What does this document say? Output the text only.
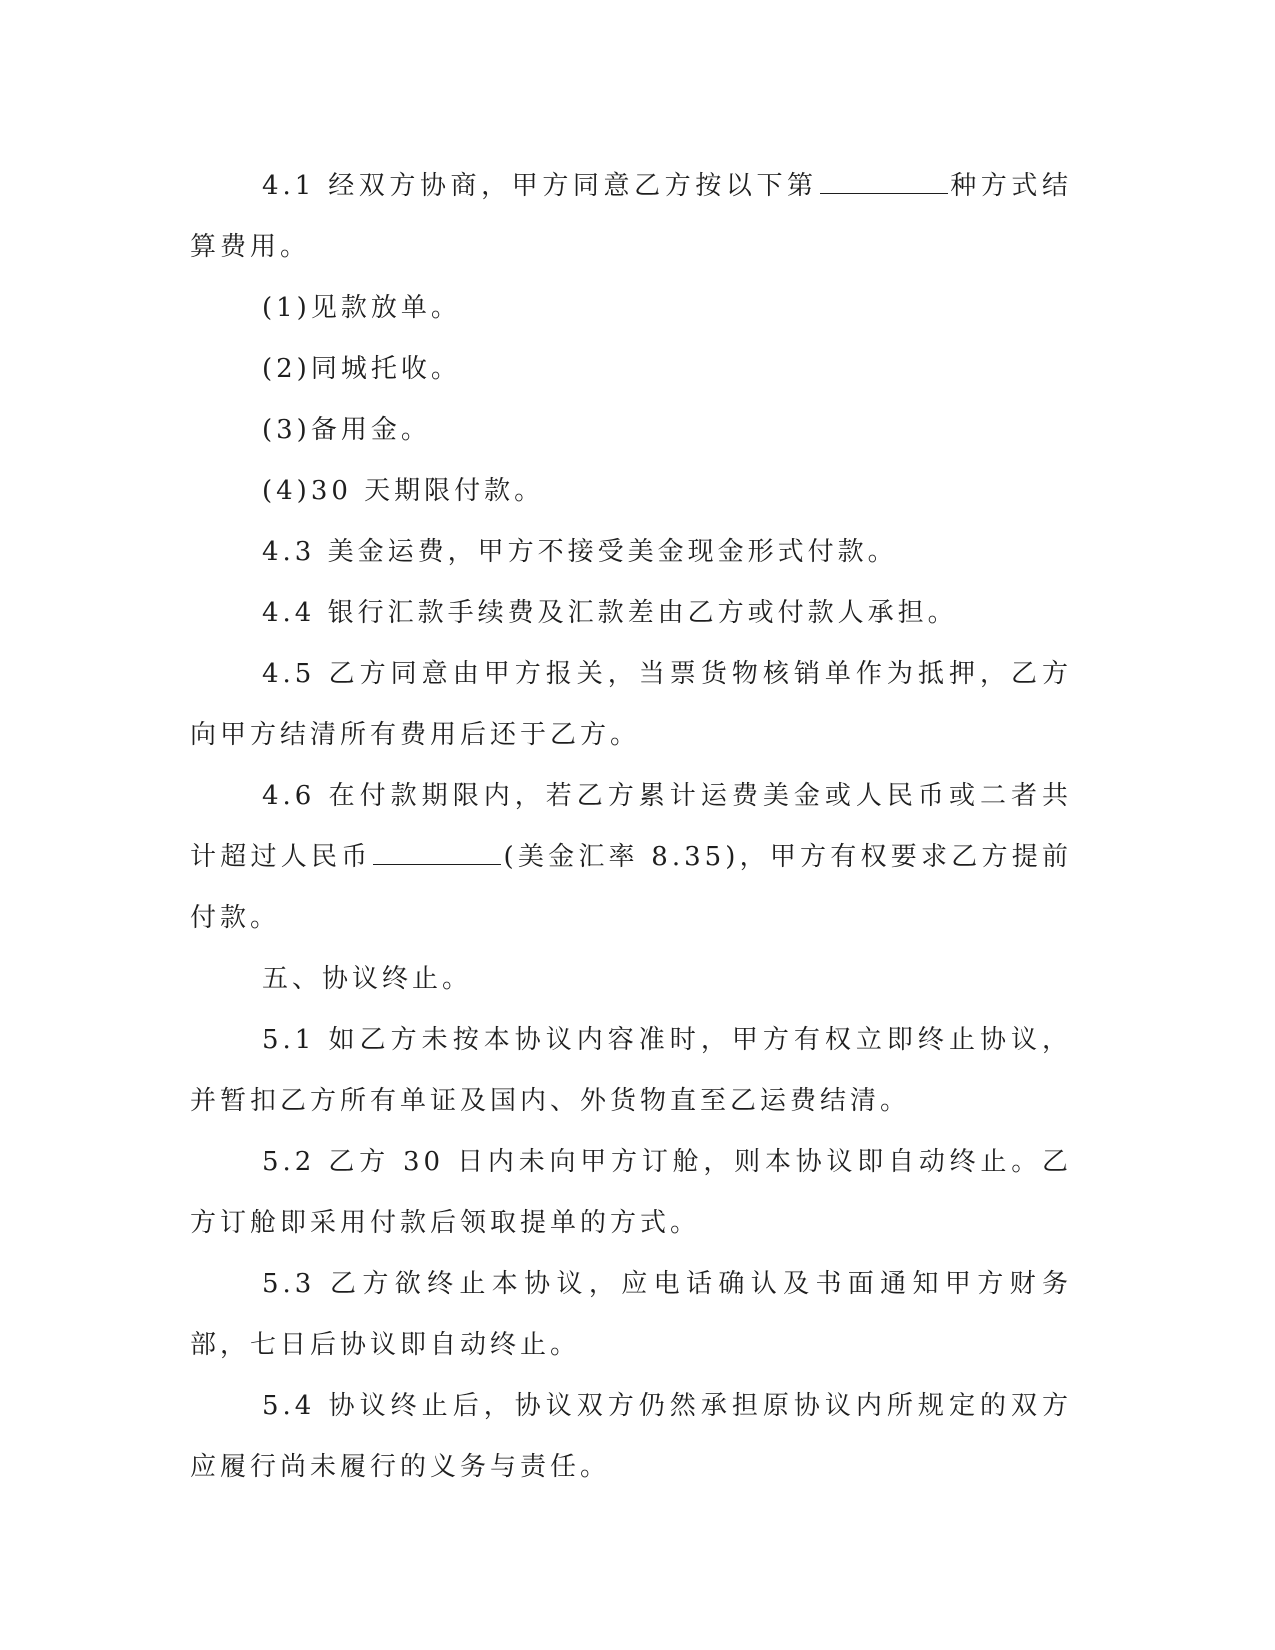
4.1 经双方协商，甲方同意乙方按以下第	种方式结算费用。

(1)见款放单。

(2)同城托收。

(3)备用金。

(4)30 天期限付款。

4.3 美金运费，甲方不接受美金现金形式付款。

4.4 银行汇款手续费及汇款差由乙方或付款人承担。

4.5 乙方同意由甲方报关，当票货物核销单作为抵押，乙方向甲方结清所有费用后还于乙方。

4.6 在付款期限内，若乙方累计运费美金或人民币或二者共计超过人民币	(美金汇率 8.35)，甲方有权要求乙方提前付款。

五、协议终止。

5.1 如乙方未按本协议内容准时，甲方有权立即终止协议，并暂扣乙方所有单证及国内、外货物直至乙运费结清。

5.2 乙方 30 日内未向甲方订舱，则本协议即自动终止。乙方订舱即采用付款后领取提单的方式。

5.3 乙方欲终止本协议，应电话确认及书面通知甲方财务部，七日后协议即自动终止。

5.4 协议终止后，协议双方仍然承担原协议内所规定的双方应履行尚未履行的义务与责任。
